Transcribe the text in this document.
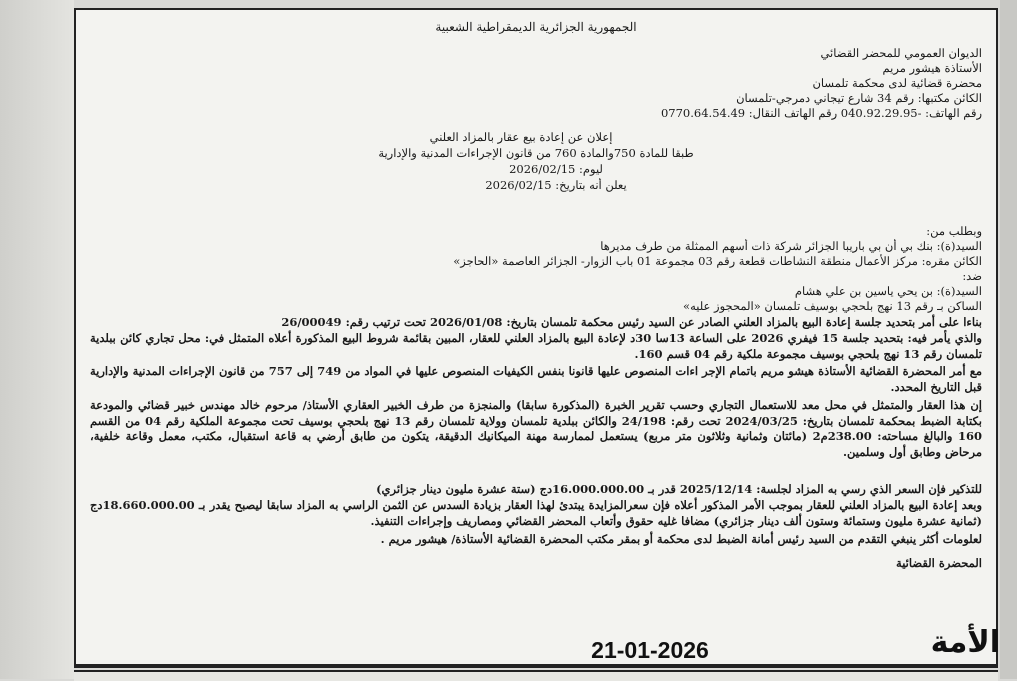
الجمهورية الجزائرية الديمقراطية الشعبية
الديوان العمومي للمحضر القضائي
الأستاذة هيشور مريم
محضرة قضائية لدى محكمة تلمسان
الكائن مكتبها: رقم 34 شارع تيجاني دمرجي-تلمسان
رقم الهاتف: -040.92.29.95 رقم الهاتف النقال: 0770.64.54.49
إعلان عن إعادة بيع عقار بالمزاد العلني
طبقا للمادة 750والمادة 760 من قانون الإجراءات المدنية والإدارية
ليوم: 2026/02/15
يعلن أنه بتاريخ: 2026/02/15
وبطلب من:
السيد(ة): بنك بي أن بي باريبا الجزائر شركة ذات أسهم الممثلة من طرف مديرها
الكائن مقره: مركز الأعمال منطقة النشاطات قطعة رقم 03 مجموعة 01 باب الزوار- الجزائر العاصمة «الحاجز»
ضد:
السيد(ة): بن يحي ياسين بن علي هشام
الساكن بـ رقم 13 نهج بلحجي بوسيف تلمسان «المحجوز عليه»
بناءا على أمر بتحديد جلسة إعادة البيع بالمزاد العلني الصادر عن السيد رئيس محكمة تلمسان بتاريخ: 2026/01/08 تحت ترتيب رقم: 26/00049
والذي يأمر فيه: بتحديد جلسة 15 فيفري 2026 على الساعة 13سا 30د لإعادة البيع بالمزاد العلني للعقار، المبين بقائمة شروط البيع المذكورة أعلاه المتمثل في: محل تجاري كائن ببلدية تلمسان رقم 13 نهج بلحجي بوسيف مجموعة ملكية رقم 04 قسم 160.
مع أمر المحضرة القضائية الأستاذة هيشو مريم باتمام الإجر اءات المنصوص عليها قانونا بنفس الكيفيات المنصوص عليها في المواد من 749 إلى 757 من قانون الإجراءات المدنية والإدارية قبل التاريخ المحدد.
إن هذا العقار والمتمثل في محل معد للاستعمال التجاري وحسب تقرير الخبرة (المذكورة سابقا) والمنجزة من طرف الخبير العقاري الأستاذ/ مرحوم خالد مهندس خبير قضائي والمودعة بكتابة الضبط بمحكمة تلمسان بتاريخ: 2024/03/25 تحت رقم: 24/198 والكائن ببلدية تلمسان وولاية تلمسان رقم 13 نهج بلحجي بوسيف تحت مجموعة الملكية رقم 04 من القسم 160 والبالغ مساحته: 238.00م2 (مائتان وثمانية وثلاثون متر مربع) يستعمل لممارسة مهنة الميكانيك الدقيقة، يتكون من طابق أرضي به قاعة استقبال، مكتب، معمل وقاعة خلفية، مرحاض وطابق أول وسلمين.
للتذكير فإن السعر الذي رسي به المزاد لجلسة: 2025/12/14 قدر بـ 16.000.000.00دج (ستة عشرة مليون دينار جزائري)
وبعد إعادة البيع بالمزاد العلني للعقار بموجب الأمر المذكور أعلاه فإن سعرالمزايدة يبتدئ لهذا العقار بزيادة السدس عن الثمن الراسي به المزاد سابقا ليصبح يقدر بـ 18.660.000.00دج (ثمانية عشرة مليون وستمائة وستون ألف دينار جزائري) مضافا غليه حقوق وأتعاب المحضر القضائي ومصاريف وإجراءات التنفيذ.
لعلومات أكثر ينبغي التقدم من السيد رئيس أمانة الضبط لدى محكمة أو بمقر مكتب المحضرة القضائية الأستاذة/ هيشور مريم .
المحضرة القضائية
21-01-2026	الأمة
